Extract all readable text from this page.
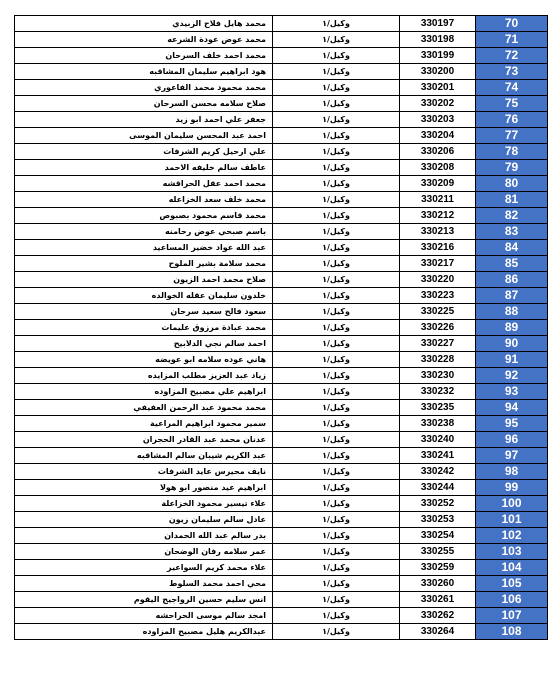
محمد هايل فلاح الزبيدي	وكيل/١	330197	70
محمد عوض عودة الشرعه	وكيل/١	330198	71
محمد احمد خلف السرحان	وكيل/١	330199	72
هود ابراهيم سليمان المشاقبه	وكيل/١	330200	73
محمد محمود محمد الفاعوري	وكيل/١	330201	74
صلاح سلامه محسن السرحان	وكيل/١	330202	75
جعفر علي احمد ابو زيد	وكيل/١	330203	76
احمد عبد المحسن سليمان الموسى	وكيل/١	330204	77
علي ارحيل كريم الشرفات	وكيل/١	330206	78
عاطف سالم خليفه الاحمد	وكيل/١	330208	79
محمد احمد عقل الحراقشه	وكيل/١	330209	80
محمد خلف سعد الخزاعله	وكيل/١	330211	81
محمد قاسم محمود بصبوص	وكيل/١	330212	82
باسم صبحي عوض رحامنه	وكيل/١	330213	83
عبد الله عواد خضير المساعيد	وكيل/١	330216	84
محمد سلامة بشير الملوح	وكيل/١	330217	85
صلاح محمد احمد الزيون	وكيل/١	330220	86
خلدون سليمان عقله الخوالده	وكيل/١	330223	87
سعود فالح سعيد سرحان	وكيل/١	330225	88
محمد عبادة مرزوق عليمات	وكيل/١	330226	89
احمد سالم نجي الدلابيح	وكيل/١	330227	90
هاني عوده سلامه ابو عويضه	وكيل/١	330228	91
زياد عبد العزيز مطلب المزايده	وكيل/١	330230	92
ابراهيم علي مصبيح المزاوده	وكيل/١	330232	93
محمد محمود عبد الرحمن العفيفي	وكيل/١	330235	94
سمير محمود ابراهيم المراعية	وكيل/١	330238	95
عدنان محمد عبد القادر الحجران	وكيل/١	330240	96
عبد الكريم شيبان سالم المشاقبه	وكيل/١	330241	97
نايف محيرس عايد الشرفات	وكيل/١	330242	98
ابراهيم عيد منصور ابو هولا	وكيل/١	330244	99
علاء تيسير محمود الخزاعلة	وكيل/١	330252	100
عادل سالم سليمان زيون	وكيل/١	330253	101
بدر سالم عبد الله الحمدان	وكيل/١	330254	102
عمر سلامه رفان الوضحان	وكيل/١	330255	103
علاء محمد كريم السواعير	وكيل/١	330259	104
محي احمد محمد السلوط	وكيل/١	330260	105
انس سليم حسين الرواجيح اليقوم	وكيل/١	330261	106
امجد سالم موسى الحراحشه	وكيل/١	330262	107
عبدالكريم هليل مصبيح المزاوده	وكيل/١	330264	108
